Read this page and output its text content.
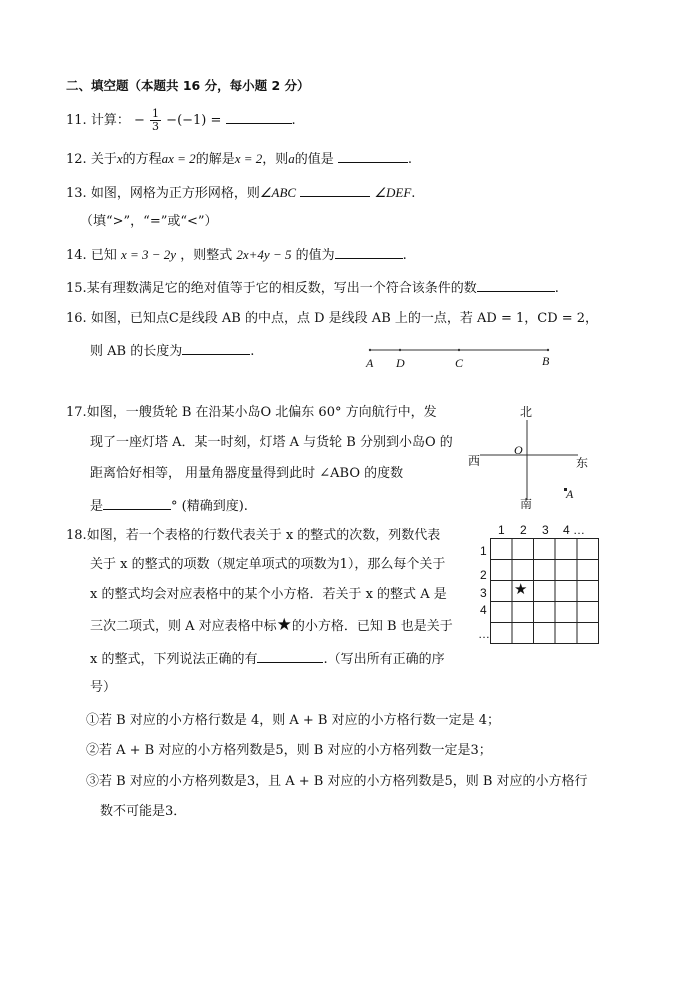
二、填空题（本题共 16 分，每小题 2 分）
11. 计算： − $\frac{1}{3} -(-1)$ =	.
12. 关于x的方程ax = 2的解是x = 2，则a的值是	.
13. 如图，网格为正方形网格，则∠ABC	∠DEF.
（填“>”，“=”或“<”）
14. 已知 x = 3 − 2y ，则整式 2x+4y − 5 的值为	.
15.某有理数满足它的绝对值等于它的相反数，写出一个符合该条件的数	.
16. 如图，已知点C是线段 AB 的中点，点 D 是线段 AB 上的一点，若 AD = 1，CD = 2，
则 AB 的长度为	.
A D	C	B
17.如图，一艘货轮 B 在沿某小岛O 北偏东 60° 方向航行中，发
现了一座灯塔 A．某一时刻，灯塔 A 与货轮 B 分别到小岛O 的
距离恰好相等， 用量角器度量得到此时 ∠ABO 的度数
是	° (精确到度).
北
南
西	东
O
A
18.如图，若一个表格的行数代表关于 x 的整式的次数，列数代表
关于 x 的整式的项数（规定单项式的项数为1），那么每个关于
x 的整式均会对应表格中的某个小方格．若关于 x 的整式 A 是
三次二项式，则 A 对应表格中标★的小方格．已知 B 也是关于
x 的整式，下列说法正确的有	.（写出所有正确的序
号）
①若 B 对应的小方格行数是 4，则 A + B 对应的小方格行数一定是 4；
②若 A + B 对应的小方格列数是5，则 B 对应的小方格列数一定是3；
③若 B 对应的小方格列数是3，且 A + B 对应的小方格列数是5，则 B 对应的小方格行
数不可能是3．
1 2 3 4 …
1
2
3
4
…
★
